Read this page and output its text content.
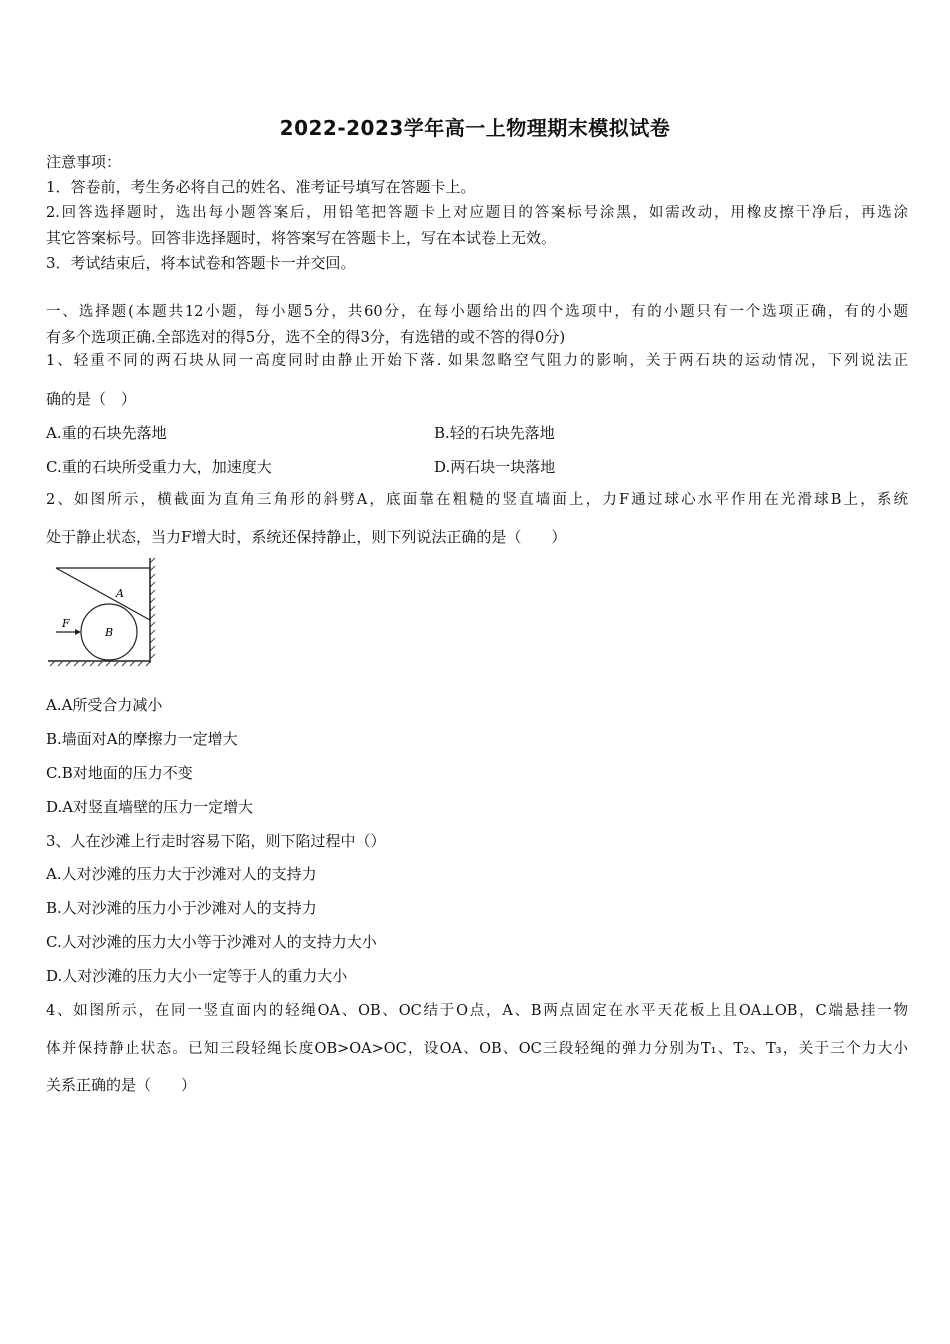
2022-2023学年高一上物理期末模拟试卷
注意事项：
1．答卷前，考生务必将自己的姓名、准考证号填写在答题卡上。
2.回答选择题时，选出每小题答案后，用铅笔把答题卡上对应题目的答案标号涂黑，如需改动，用橡皮擦干净后，再选涂
其它答案标号。回答非选择题时，将答案写在答题卡上，写在本试卷上无效。
3．考试结束后，将本试卷和答题卡一并交回。
一、选择题(本题共12小题，每小题5分，共60分，在每小题给出的四个选项中，有的小题只有一个选项正确，有的小题
有多个选项正确.全部选对的得5分，选不全的得3分，有选错的或不答的得0分)
1、轻重不同的两石块从同一高度同时由静止开始下落. 如果忽略空气阻力的影响，关于两石块的运动情况，下列说法正
确的是（　）
A.重的石块先落地	B.轻的石块先落地
C.重的石块所受重力大，加速度大	D.两石块一块落地
2、如图所示，横截面为直角三角形的斜劈A，底面靠在粗糙的竖直墙面上，力F通过球心水平作用在光滑球B上，系统
处于静止状态，当力F增大时，系统还保持静止，则下列说法正确的是（　　）
F
A
B
A.A所受合力减小
B.墙面对A的摩擦力一定增大
C.B对地面的压力不变
D.A对竖直墙壁的压力一定增大
3、人在沙滩上行走时容易下陷，则下陷过程中（）
A.人对沙滩的压力大于沙滩对人的支持力
B.人对沙滩的压力小于沙滩对人的支持力
C.人对沙滩的压力大小等于沙滩对人的支持力大小
D.人对沙滩的压力大小一定等于人的重力大小
4、如图所示，在同一竖直面内的轻绳OA、OB、OC结于O点，A、B两点固定在水平天花板上且OA⊥OB，C端悬挂一物
体并保持静止状态。已知三段轻绳长度OB>OA>OC，设OA、OB、OC三段轻绳的弹力分别为T₁、T₂、T₃，关于三个力大小
关系正确的是（　　）
